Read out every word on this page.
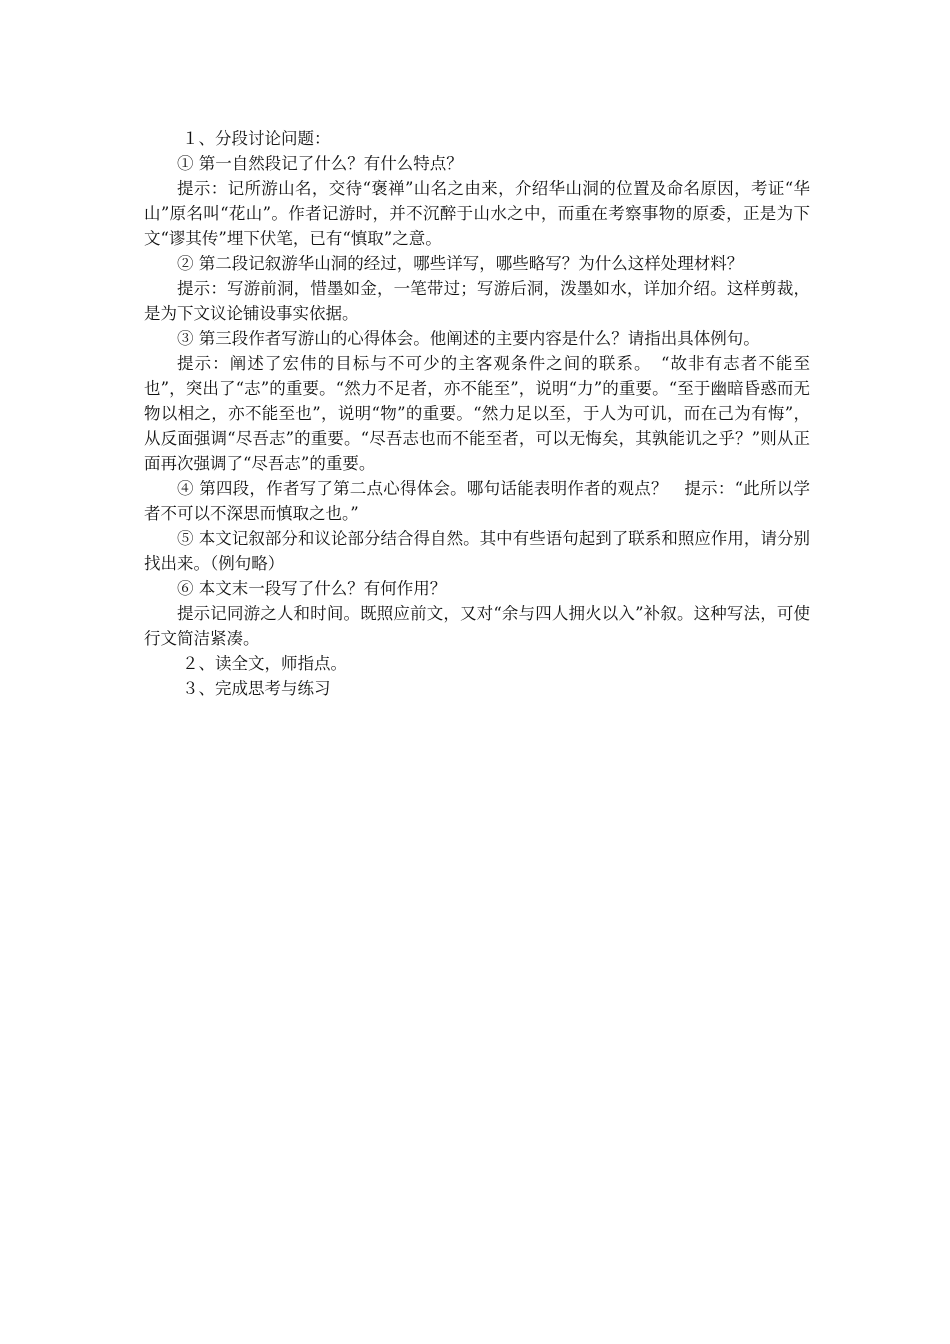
１、分段讨论问题：

① 第一自然段记了什么？有什么特点？

提示：记所游山名，交待“褒禅”山名之由来，介绍华山洞的位置及命名原因，考证“华山”原名叫“花山”。作者记游时，并不沉醉于山水之中，而重在考察事物的原委，正是为下文“谬其传”埋下伏笔，已有“慎取”之意。

② 第二段记叙游华山洞的经过，哪些详写，哪些略写？为什么这样处理材料？

提示：写游前洞，惜墨如金，一笔带过；写游后洞，泼墨如水，详加介绍。这样剪裁，是为下文议论铺设事实依据。

③ 第三段作者写游山的心得体会。他阐述的主要内容是什么？请指出具体例句。

提示：阐述了宏伟的目标与不可少的主客观条件之间的联系。　“故非有志者不能至也”，突出了“志”的重要。“然力不足者，亦不能至”，说明“力”的重要。“至于幽暗昏惑而无物以相之，亦不能至也”，说明“物”的重要。“然力足以至，于人为可讥，而在己为有悔”，从反面强调“尽吾志”的重要。“尽吾志也而不能至者，可以无悔矣，其孰能讥之乎？”则从正面再次强调了“尽吾志”的重要。

④ 第四段，作者写了第二点心得体会。哪句话能表明作者的观点？　提示：“此所以学者不可以不深思而慎取之也。”

⑤ 本文记叙部分和议论部分结合得自然。其中有些语句起到了联系和照应作用，请分别找出来。（例句略）

⑥ 本文末一段写了什么？有何作用？

提示记同游之人和时间。既照应前文，又对“余与四人拥火以入”补叙。这种写法，可使行文简洁紧凑。

２、读全文，师指点。

３、完成思考与练习
